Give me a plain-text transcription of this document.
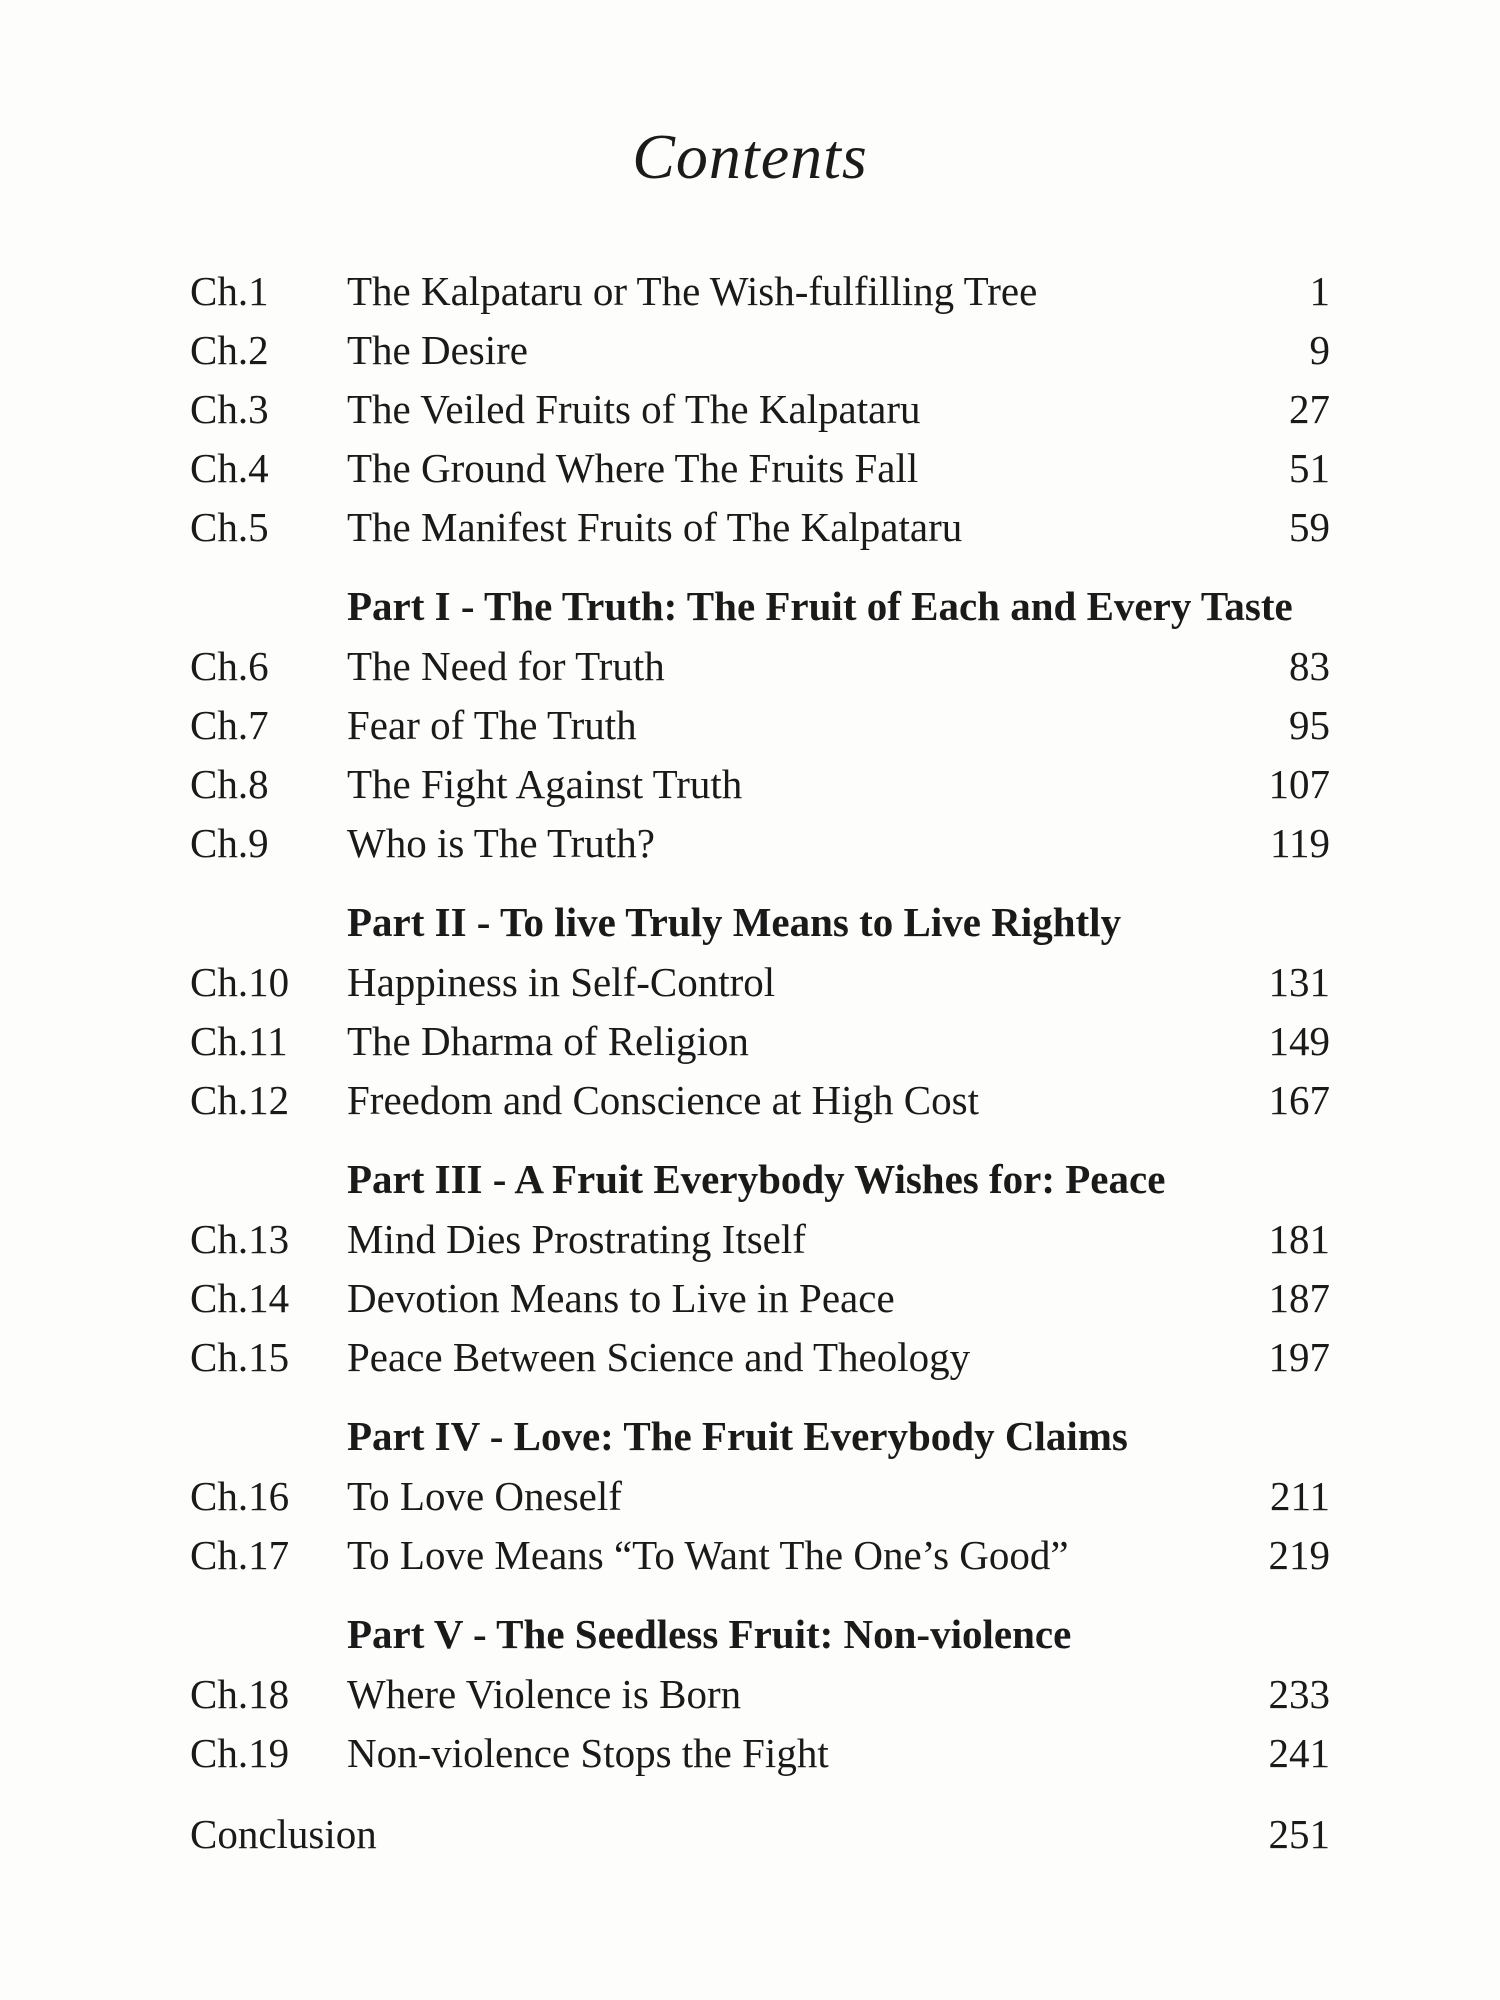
Contents
Ch.1 The Kalpataru or The Wish-fulfilling Tree	1
Ch.2 The Desire	9
Ch.3 The Veiled Fruits of The Kalpataru	27
Ch.4 The Ground Where The Fruits Fall	51
Ch.5 The Manifest Fruits of The Kalpataru	59
Part I - The Truth: The Fruit of Each and Every Taste
Ch.6 The Need for Truth	83
Ch.7 Fear of The Truth	95
Ch.8 The Fight Against Truth	107
Ch.9 Who is The Truth?	119
Part II - To live Truly Means to Live Rightly
Ch.10 Happiness in Self-Control	131
Ch.11 The Dharma of Religion	149
Ch.12 Freedom and Conscience at High Cost	167
Part III - A Fruit Everybody Wishes for: Peace
Ch.13 Mind Dies Prostrating Itself	181
Ch.14 Devotion Means to Live in Peace	187
Ch.15 Peace Between Science and Theology	197
Part IV - Love: The Fruit Everybody Claims
Ch.16 To Love Oneself	211
Ch.17 To Love Means “To Want The One’s Good”	219
Part V - The Seedless Fruit: Non-violence
Ch.18 Where Violence is Born	233
Ch.19 Non-violence Stops the Fight	241
Conclusion	251
